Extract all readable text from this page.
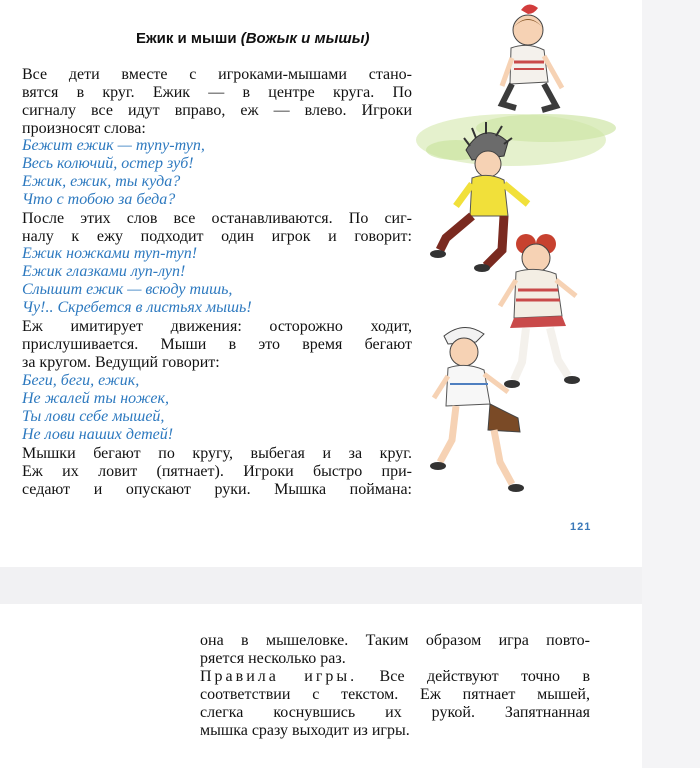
Ежик и мыши (Вожык и мышы)
Все дети вместе с игроками-мышами стано-
вятся в круг. Ежик — в центре круга. По
сигналу все идут вправо, еж — влево. Игроки
произносят слова:
Бежит ежик — тупу-туп,
Весь колючий, остер зуб!
Ежик, ежик, ты куда?
Что с тобою за беда?
После этих слов все останавливаются. По сиг-
налу к ежу подходит один игрок и говорит:
Ежик ножками туп-туп!
Ежик глазками луп-луп!
Слышит ежик — всюду тишь,
Чу!.. Скребется в листьях мышь!
Еж имитирует движения: осторожно ходит,
прислушивается. Мыши в это время бегают
за кругом. Ведущий говорит:
Беги, беги, ежик,
Не жалей ты ножек,
Ты лови себе мышей,
Не лови наших детей!
Мышки бегают по кругу, выбегая и за круг.
Еж их ловит (пятнает). Игроки быстро при-
седают и опускают руки. Мышка поймана:
121
она в мышеловке. Таким образом игра повто-
ряется несколько раз.
Правила игры. Все действуют точно в
соответствии с текстом. Еж пятнает мышей,
слегка коснувшись их рукой. Запятнанная
мышка сразу выходит из игры.
